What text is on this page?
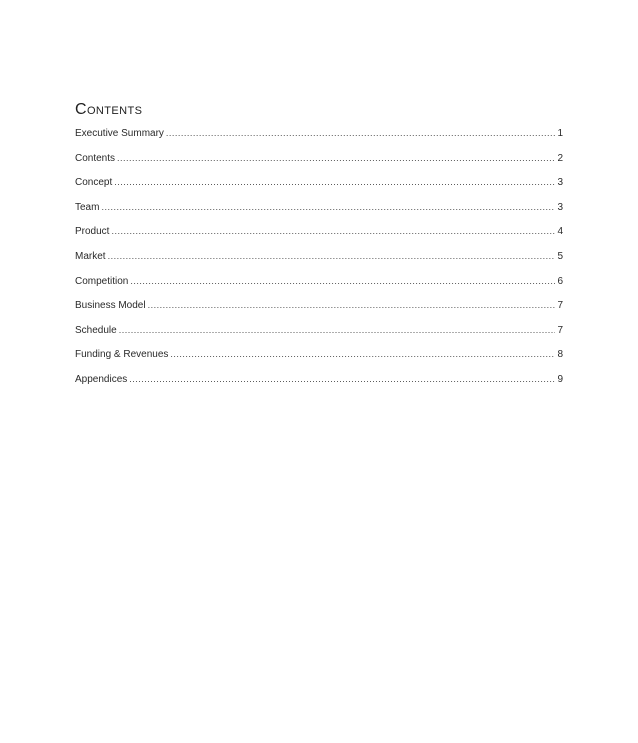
Contents
Executive Summary .....	1
Contents .....	2
Concept .....	3
Team .....	3
Product .....	4
Market .....	5
Competition .....	6
Business Model .....	7
Schedule .....	7
Funding & Revenues .....	8
Appendices .....	9
